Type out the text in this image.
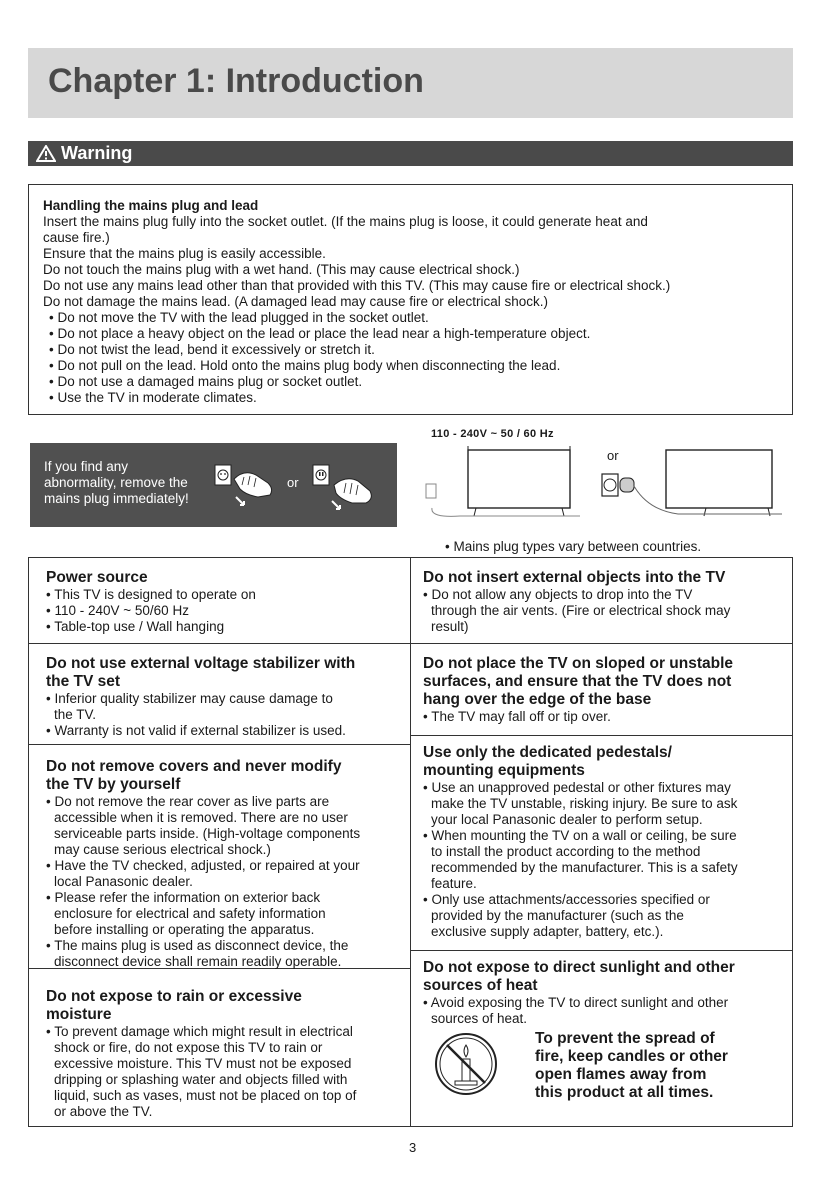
Chapter 1: Introduction
Warning
Handling the mains plug and lead
Insert the mains plug fully into the socket outlet. (If the mains plug is loose, it could generate heat and
cause fire.)
Ensure that the mains plug is easily accessible.
Do not touch the mains plug with a wet hand. (This may cause electrical shock.)
Do not use any mains lead other than that provided with this TV. (This may cause fire or electrical shock.)
Do not damage the mains lead. (A damaged lead may cause fire or electrical shock.)
• Do not move the TV with the lead plugged in the socket outlet.
• Do not place a heavy object on the lead or place the lead near a high-temperature object.
• Do not twist the lead, bend it excessively or stretch it.
• Do not pull on the lead. Hold onto the mains plug body when disconnecting the lead.
• Do not use a damaged mains plug or socket outlet.
• Use the TV in moderate climates.
If you find any
abnormality, remove the
mains plug immediately!
or
110 - 240V ~ 50 / 60 Hz
or
• Mains plug types vary between countries.
Power source
• This TV is designed to operate on
• 110 - 240V ~ 50/60 Hz
• Table-top use / Wall hanging
Do not insert external objects into the TV
• Do not allow any objects to drop into the TV
through the air vents. (Fire or electrical shock may
result)
Do not use external voltage stabilizer with
the TV set
• Inferior quality stabilizer may cause damage to
the TV.
• Warranty is not valid if external stabilizer is used.
Do not place the TV on sloped or unstable
surfaces, and ensure that the TV does not
hang over the edge of the base
• The TV may fall off or tip over.
Do not remove covers and never modify
the TV by yourself
• Do not remove the rear cover as live parts are
accessible when it is removed. There are no user
serviceable parts inside. (High-voltage components
may cause serious electrical shock.)
• Have the TV checked, adjusted, or repaired at your
local Panasonic dealer.
• Please refer the information on exterior back
enclosure for electrical and safety information
before installing or operating the apparatus.
• The mains plug is used as disconnect device, the
disconnect device shall remain readily operable.
Use only the dedicated pedestals/
mounting equipments
• Use an unapproved pedestal or other fixtures may
make the TV unstable, risking injury. Be sure to ask
your local Panasonic dealer to perform setup.
• When mounting the TV on a wall or ceiling, be sure
to install the product according to the method
recommended by the manufacturer. This is a safety
feature.
• Only use attachments/accessories specified or
provided by the manufacturer (such as the
exclusive supply adapter, battery, etc.).
Do not expose to rain or excessive
moisture
• To prevent damage which might result in electrical
shock or fire, do not expose this TV to rain or
excessive moisture. This TV must not be exposed
dripping or splashing water and objects filled with
liquid, such as vases, must not be placed on top of
or above the TV.
Do not expose to direct sunlight and other
sources of heat
• Avoid exposing the TV to direct sunlight and other
sources of heat.
To prevent the spread of
fire, keep candles or other
open flames away from
this product at all times.
3
